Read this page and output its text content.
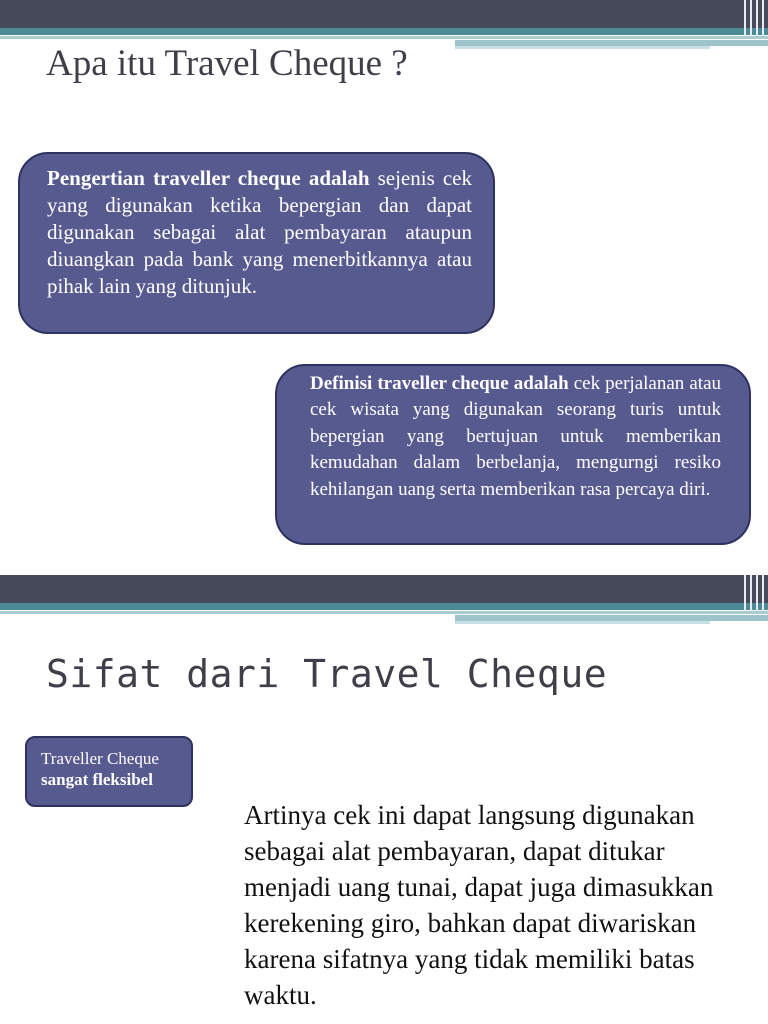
Apa itu Travel Cheque ?
Pengertian traveller cheque adalah sejenis cek yang digunakan ketika bepergian dan dapat digunakan sebagai alat pembayaran ataupun diuangkan pada bank yang menerbitkannya atau pihak lain yang ditunjuk.
Definisi traveller cheque adalah cek perjalanan atau cek wisata yang digunakan seorang turis untuk bepergian yang bertujuan untuk memberikan kemudahan dalam berbelanja, mengurngi resiko kehilangan uang serta memberikan rasa percaya diri.
Sifat dari Travel Cheque
Traveller Cheque
sangat fleksibel

Artinya cek ini dapat langsung digunakan sebagai alat pembayaran, dapat ditukar menjadi uang tunai, dapat juga dimasukkan kerekening giro, bahkan dapat diwariskan karena sifatnya yang tidak memiliki batas waktu.
